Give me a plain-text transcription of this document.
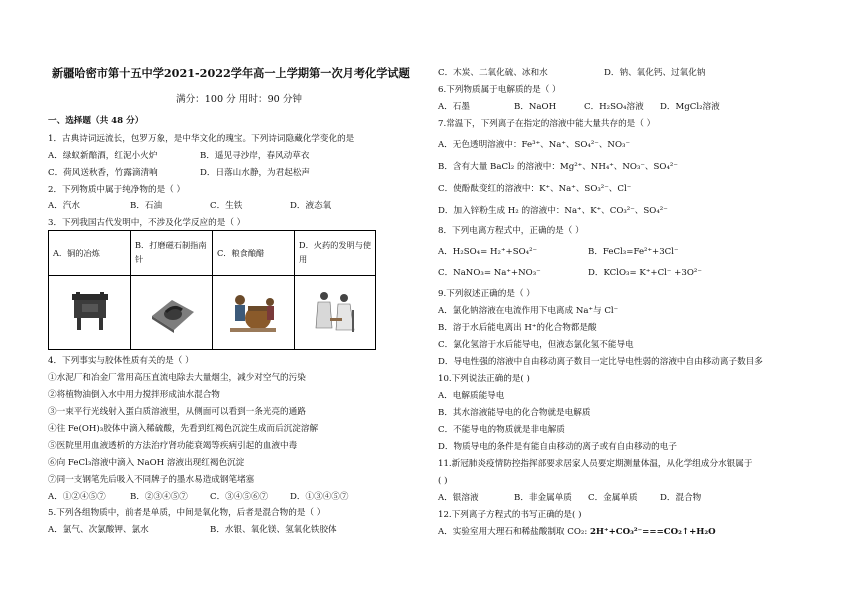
新疆哈密市第十五中学2021-2022学年高一上学期第一次月考化学试题
满分：100 分 用时：90 分钟
一、选择题（共 48 分）
1．古典诗词远流长，包罗万象，是中华文化的瑰宝。下列诗词隐藏化学变化的是
A．绿蚁新醅酒，红泥小火炉	B．遥见寻沙岸，春风动草衣
C．荷风送秋香，竹露滴清响	D．日落山水静，为君起松声
2．下列物质中属于纯净物的是（ ）
A．汽水	B．石油	C．生铁	D．液态氧
3．下列我国古代发明中，不涉及化学反应的是（ ）
A．铜的冶炼
B．打磨磁石制指南针
C．粮食酿醋
D．火药的发明与使用
4．下列事实与胶体性质有关的是（ ）
①水泥厂和冶金厂常用高压直流电除去大量烟尘，减少对空气的污染
②将植物油倒入水中用力搅拌形成油水混合物
③一束平行光线射入蛋白质溶液里，从侧面可以看到一条光亮的通路
④往 Fe(OH)₃胶体中滴入稀硫酸，先看到红褐色沉淀生成而后沉淀溶解
⑤医院里用血液透析的方法治疗肾功能衰竭等疾病引起的血液中毒
⑥向 FeCl₃溶液中滴入 NaOH 溶液出现红褐色沉淀
⑦同一支钢笔先后吸入不同牌子的墨水易造成钢笔堵塞
A．①②④⑤⑦	B．②③④⑤⑦	C．③④⑤⑥⑦	D．①③④⑤⑦
5.下列各组物质中，前者是单质，中间是氧化物，后者是混合物的是（ ）
A．氯气、次氯酸钾、氯水	B．水银、氧化镁、氢氧化铁胶体
C．木炭、二氧化硫、冰和水	D．钠、氧化钙、过氧化钠
6.下列物质属于电解质的是（ ）
A．石墨	B．NaOH	C．H₂SO₄溶液 D．MgCl₂溶液
7.常温下，下列离子在指定的溶液中能大量共存的是（ ）
A．无色透明溶液中：Fe³⁺、Na⁺、SO₄²⁻、NO₃⁻
B．含有大量 BaCl₂ 的溶液中：Mg²⁺、NH₄⁺、NO₃⁻、SO₄²⁻
C．使酚酞变红的溶液中：K⁺、Na⁺、SO₃²⁻、Cl⁻
D．加入锌粉生成 H₂ 的溶液中：Na⁺、K⁺、CO₃²⁻、SO₄²⁻
8．下列电离方程式中，正确的是（ ）
A．H₂SO₄= H₂⁺+SO₄²⁻	B．FeCl₃=Fe²⁺+3Cl⁻
C．NaNO₃= Na⁺+NO₃⁻	D．KClO₃= K⁺+Cl⁻ +3O²⁻
9.下列叙述正确的是（ ）
A．氯化钠溶液在电流作用下电离成 Na⁺与 Cl⁻
B．溶于水后能电离出 H⁺的化合物都是酸
C．氯化氢溶于水后能导电，但液态氯化氢不能导电
D．导电性强的溶液中自由移动离子数目一定比导电性弱的溶液中自由移动离子数目多
10.下列说法正确的是( )
A．电解质能导电
B．其水溶液能导电的化合物就是电解质
C．不能导电的物质就是非电解质
D．物质导电的条件是有能自由移动的离子或有自由移动的电子
11.新冠肺炎疫情防控指挥部要求居家人员要定期测量体温，从化学组成分水银属于
( )
A．银溶液	B．非金属单质 C．金属单质	D．混合物
12.下列离子方程式的书写正确的是( )
A．实验室用大理石和稀盐酸制取 CO₂: 2H⁺+CO₃²⁻===CO₂↑+H₂O
